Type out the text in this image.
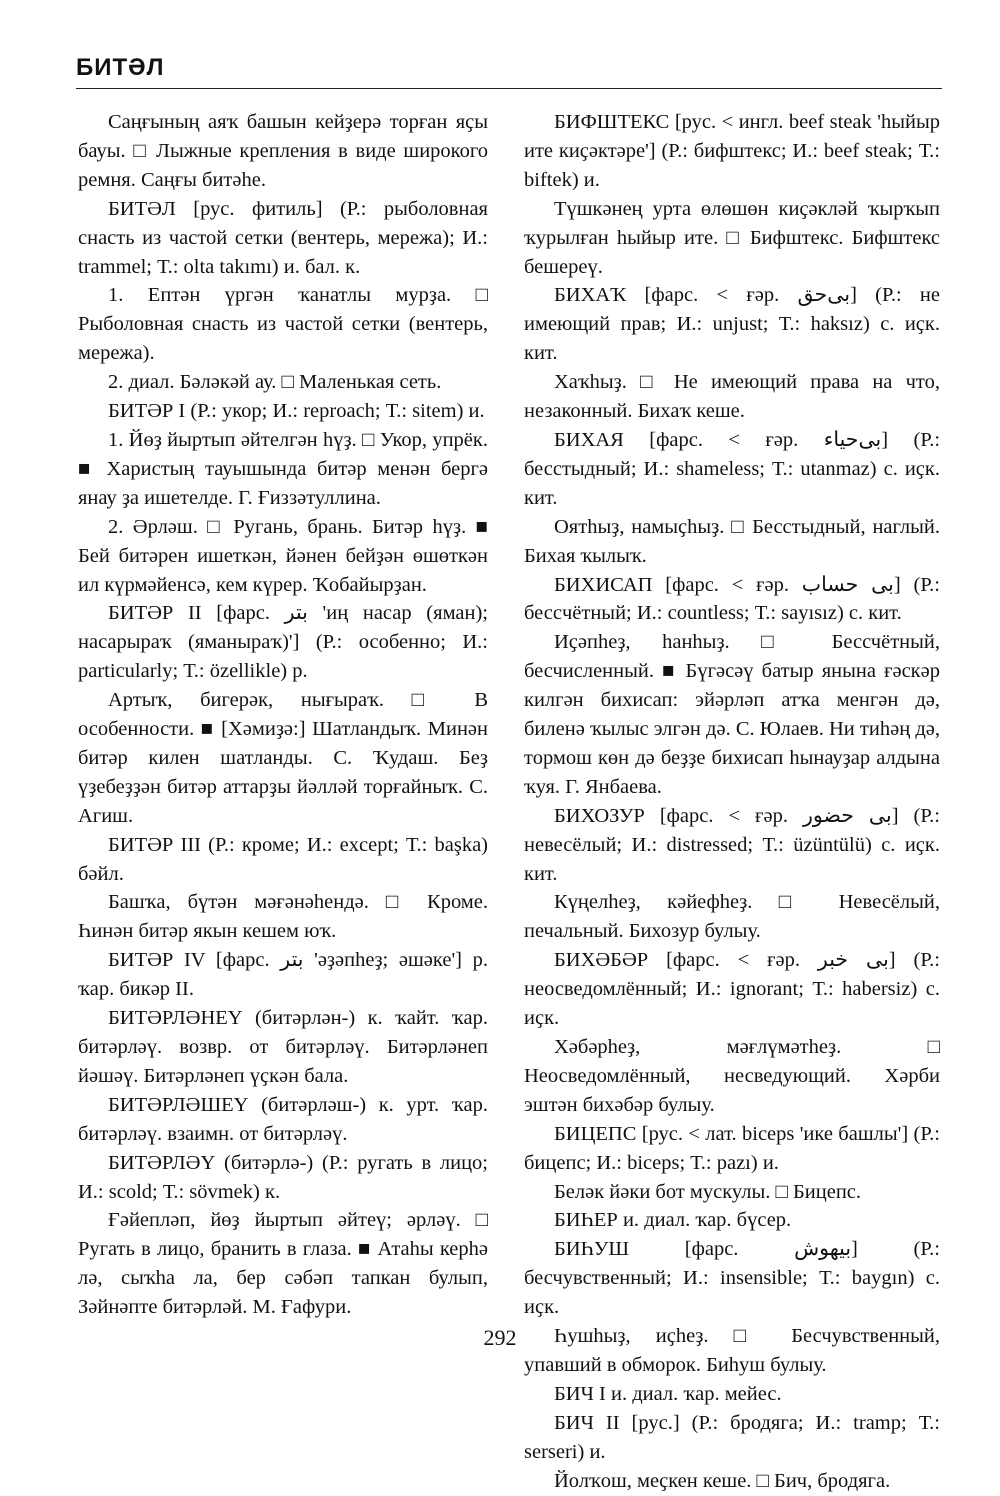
БИТӘЛ

Саңғының аяҡ башын кейҙерә торған яҫы бауы. □ Лыжные крепления в виде широкого ремня. Саңғы битәһе.

БИТӘЛ [рус. фитиль] (Р.: рыболовная снасть из частой сетки (вентерь, мережа); И.: trammel; Т.: olta takımı) и. бал. к.

1. Ептән үргән ҡанатлы мурҙа. □ Рыболовная снасть из частой сетки (вентерь, мережа).

2. диал. Бәләкәй ау. □ Маленькая сеть.

БИТӘР I (Р.: укор; И.: reproach; Т.: sitem) и.

1. Йөҙ йыртып әйтелгән һүҙ. □ Укор, упрёк. ■ Харистың тауышында битәр менән бергә янау ҙа ишетелде. Г. Ғиззәтуллина.

2. Әрләш. □ Ругань, брань. Битәр һүҙ. ■ Бей битәрен ишеткән, йәнен бейҙән өшөткән ил күрмәйенсә, кем күрер. Ҡобайырҙан.

БИТӘР II [фарс. بتر 'иң насар (яман); насарыраҡ (яманыраҡ)'] (Р.: особенно; И.: particularly; Т.: özellikle) р.

Артыҡ, бигерәк, нығыраҡ. □ В особенности. ■ [Хәмиҙә:] Шатландыҡ. Минән битәр килен шатланды. С. Ҡудаш. Беҙ үҙебеҙҙән битәр аттарҙы йәлләй торғайныҡ. С. Агиш.

БИТӘР III (Р.: кроме; И.: except; Т.: başka) бәйл.

Башҡа, бүтән мәғәнәһендә. □ Кроме. Һинән битәр якын кешем юҡ.

БИТӘР IV [фарс. بتر 'әҙәпһеҙ; әшәке'] р. ҡар. бикәр II.

БИТӘРЛӘНЕҮ (битәрлән-) к. ҡайт. ҡар. битәрләү. возвр. от битәрләү. Битәрләнеп йәшәү. Битәрләнеп үҫкән бала.

БИТӘРЛӘШЕҮ (битәрләш-) к. урт. ҡар. битәрләү. взаимн. от битәрләү.

БИТӘРЛӘҮ (битәрлә-) (Р.: ругать в лицо; И.: scold; Т.: sövmek) к.

Ғәйепләп, йөҙ йыртып әйтеү; әрләү. □ Ругать в лицо, бранить в глаза. ■ Атаһы керһә лә, сыҡһа ла, бер сәбәп тапкан булып, Зәйнәпте битәрләй. М. Ғафури.

БИФШТЕКС [рус. < ингл. beef steak 'һыйыр ите киҫәктәре'] (Р.: бифштекс; И.: beef steak; Т.: biftek) и.

Түшкәнең урта өлөшөн киҫәкләй ҡырҡып ҡурылған һыйыр ите. □ Бифштекс. Бифштекс бешереү.

БИХАҠ [фарс. < ғәр. بی‌حق] (Р.: не имеющий прав; И.: unjust; Т.: haksız) с. иҫк. кит.

Хаҡһыҙ. □ Не имеющий права на что, незаконный. Бихаҡ кеше.

БИХАЯ [фарс. < ғәр. بی‌حیاء] (Р.: бесстыдный; И.: shameless; Т.: utanmaz) с. иҫк. кит.

Оятһыҙ, намыҫһыҙ. □ Бесстыдный, наглый. Бихая ҡылыҡ.

БИХИСАП [фарс. < ғәр. بی حساب] (Р.: бесcчётный; И.: countless; Т.: sayısız) с. кит.

Иҫәпһеҙ, һанһыҙ. □ Бессчётный, бесчисленный. ■ Бүгәсәү батыр янына ғәскәр килгән бихисап: эйәрләп атҡа менгән дә, биленә ҡылыс элгән дә. С. Юлаев. Ни тиһәң дә, тормош көн дә беҙҙе бихисап һынауҙар алдына ҡуя. Г. Янбаева.

БИХОЗУР [фарс. < ғәр. بی حضور] (Р.: невесёлый; И.: distressed; Т.: üzüntülü) с. иҫк. кит.

Күңелһеҙ, кәйефһеҙ. □ Невесёлый, печальный. Бихозур булыу.

БИХӘБӘР [фарс. < ғәр. بی خبر] (Р.: неосведомлённый; И.: ignorant; Т.: habersiz) с. иҫк.

Хәбәрһеҙ, мәғлүмәтһеҙ. □ Неосведомлённый, несведующий. Хәрби эштән бихәбәр булыу.

БИЦЕПС [рус. < лат. biceps 'ике башлы'] (Р.: бицепс; И.: biceps; Т.: pazı) и.

Беләк йәки бот мускулы. □ Бицепс.

БИҺЕР и. диал. ҡар. бүсер.

БИҺУШ [фарс. بیهوش] (Р.: бесчувственный; И.: insensible; Т.: baygın) с. иҫк.

Һушһыҙ, иҫһеҙ. □ Бесчувственный, упавший в обморок. Биһуш булыу.

БИЧ I и. диал. ҡар. мейес.

БИЧ II [рус.] (Р.: бродяга; И.: tramp; Т.: serseri) и.

Йолҡош, меҫкен кеше. □ Бич, бродяга.

292
